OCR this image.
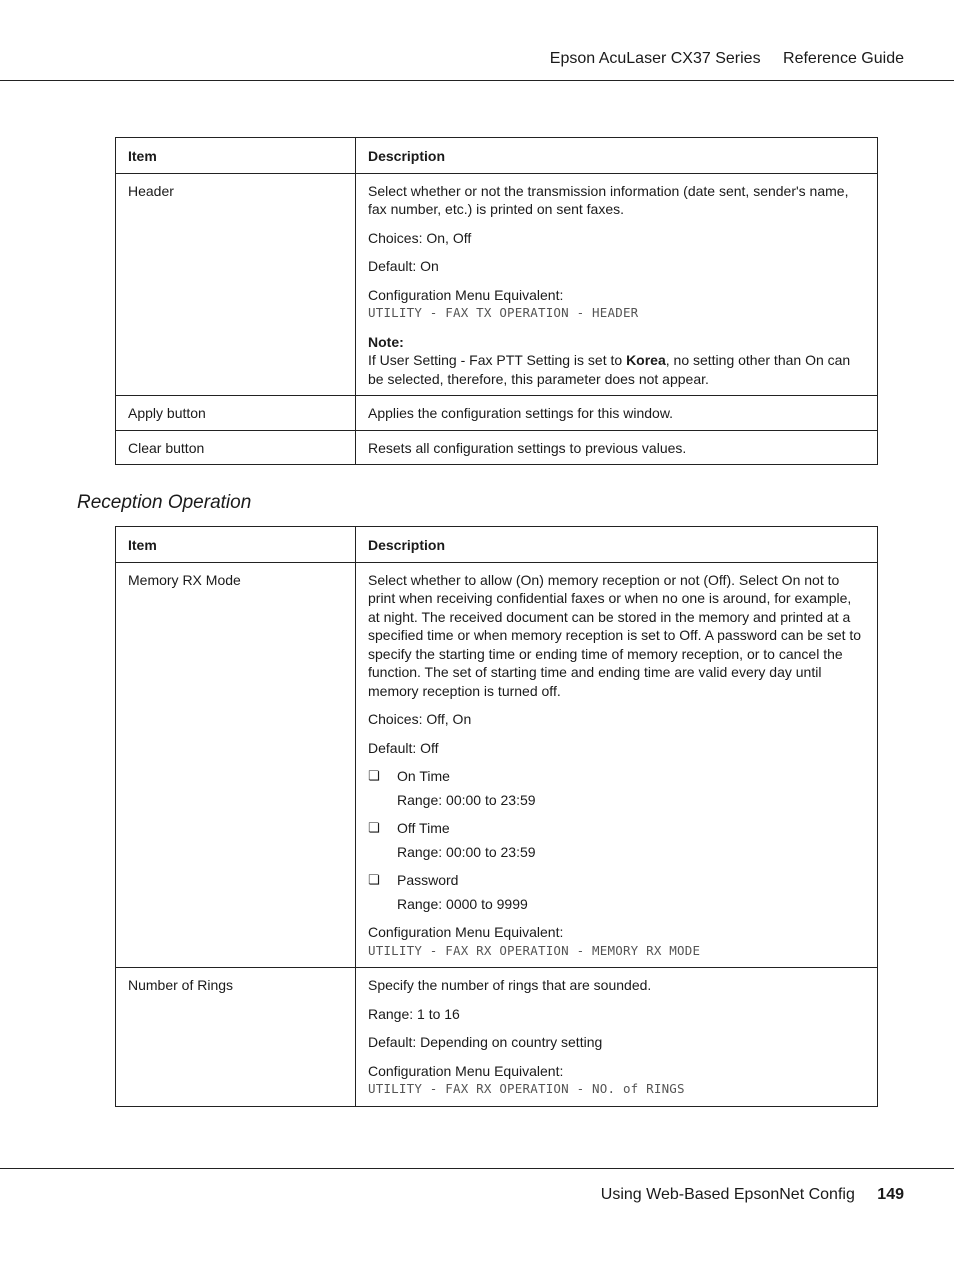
Epson AcuLaser CX37 Series Reference Guide
Item	Description
Header	Select whether or not the transmission information (date sent, sender's name, fax number, etc.) is printed on sent faxes.
Choices: On, Off
Default: On
Configuration Menu Equivalent:
UTILITY - FAX TX OPERATION - HEADER
Note:
If User Setting - Fax PTT Setting is set to Korea, no setting other than On can be selected, therefore, this parameter does not appear.

Apply button	Applies the configuration settings for this window.
Clear button	Resets all configuration settings to previous values.
Reception Operation
Item	Description
Memory RX Mode	Select whether to allow (On) memory reception or not (Off). Select On not to print when receiving confidential faxes or when no one is around, for example, at night. The received document can be stored in the memory and printed at a specified time or when memory reception is set to Off. A password can be set to specify the starting time or ending time of memory reception, or to cancel the function. The set of starting time and ending time are valid every day until memory reception is turned off.
Choices: Off, On
Default: Off
❏	On Time
Range: 00:00 to 23:59
❏	Off Time
Range: 00:00 to 23:59
❏	Password
Range: 0000 to 9999
Configuration Menu Equivalent:
UTILITY - FAX RX OPERATION - MEMORY RX MODE

Number of Rings	Specify the number of rings that are sounded.
Range: 1 to 16
Default: Depending on country setting
Configuration Menu Equivalent:
UTILITY - FAX RX OPERATION - NO. of RINGS
Using Web-Based EpsonNet Config 149
